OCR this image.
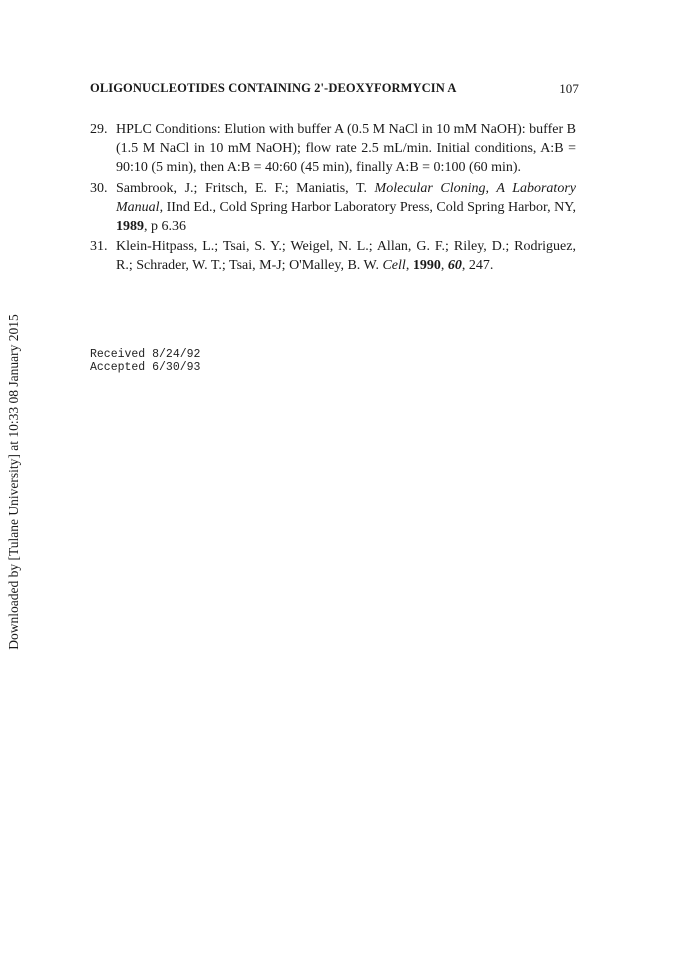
OLIGONUCLEOTIDES CONTAINING 2'-DEOXYFORMYCIN A	107
29. HPLC Conditions: Elution with buffer A (0.5 M NaCl in 10 mM NaOH): buffer B (1.5 M NaCl in 10 mM NaOH); flow rate 2.5 mL/min. Initial conditions, A:B = 90:10 (5 min), then A:B = 40:60 (45 min), finally A:B = 0:100 (60 min).
30. Sambrook, J.; Fritsch, E. F.; Maniatis, T. Molecular Cloning, A Laboratory Manual, IInd Ed., Cold Spring Harbor Laboratory Press, Cold Spring Harbor, NY, 1989, p 6.36
31. Klein-Hitpass, L.; Tsai, S. Y.; Weigel, N. L.; Allan, G. F.; Riley, D.; Rodriguez, R.; Schrader, W. T.; Tsai, M-J; O'Malley, B. W. Cell, 1990, 60, 247.
Received 8/24/92
Accepted 6/30/93
Downloaded by [Tulane University] at 10:33 08 January 2015
